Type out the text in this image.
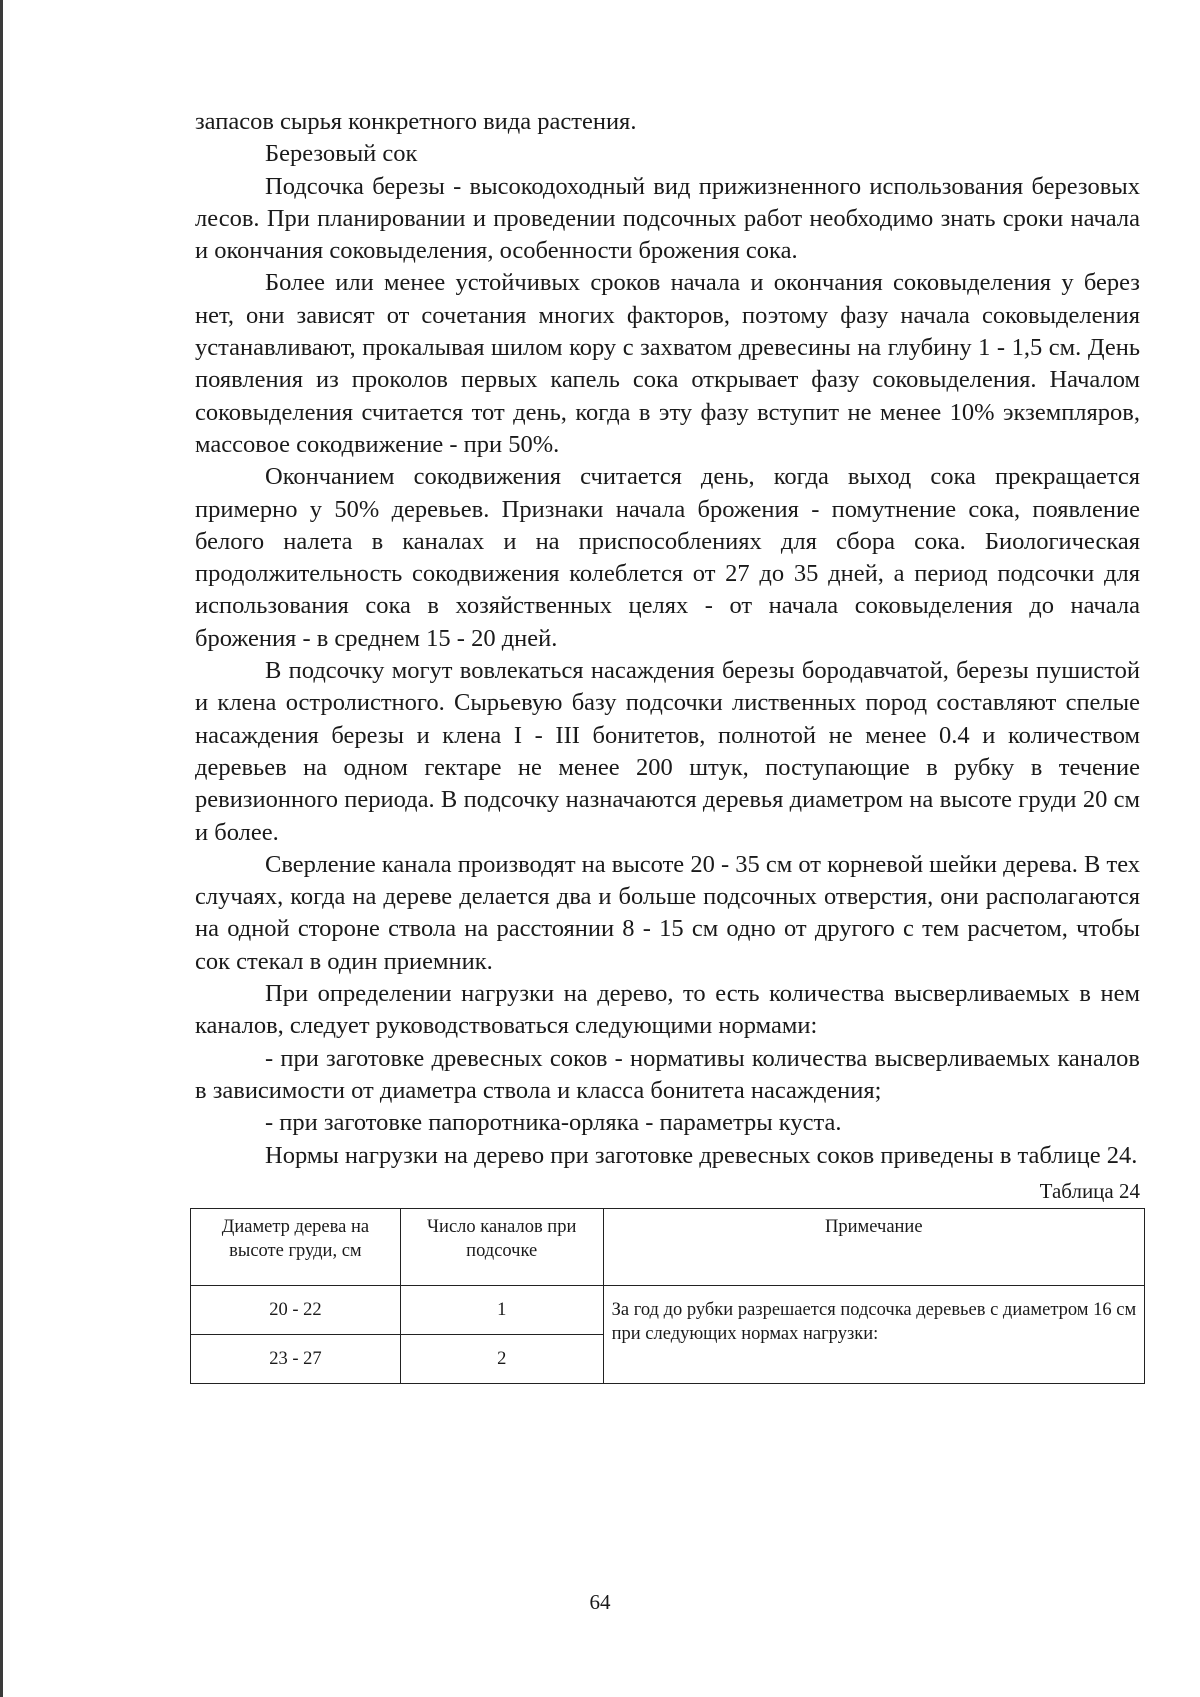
запасов сырья конкретного вида растения.

Березовый сок

Подсочка березы - высокодоходный вид прижизненного использования березовых лесов. При планировании и проведении подсочных работ необходимо знать сроки начала и окончания соковыделения, особенности брожения сока.

Более или менее устойчивых сроков начала и окончания соковыделения у берез нет, они зависят от сочетания многих факторов, поэтому фазу начала соковыделения устанавливают, прокалывая шилом кору с захватом древесины на глубину 1 - 1,5 см. День появления из проколов первых капель сока открывает фазу соковыделения. Началом соковыделения считается тот день, когда в эту фазу вступит не менее 10% экземпляров, массовое сокодвижение - при 50%.

Окончанием сокодвижения считается день, когда выход сока прекращается примерно у 50% деревьев. Признаки начала брожения - помутнение сока, появление белого налета в каналах и на приспособлениях для сбора сока. Биологическая продолжительность сокодвижения колеблется от 27 до 35 дней, а период подсочки для использования сока в хозяйственных целях - от начала соковыделения до начала брожения - в среднем 15 - 20 дней.

В подсочку могут вовлекаться насаждения березы бородавчатой, березы пушистой и клена остролистного. Сырьевую базу подсочки лиственных пород составляют спелые насаждения березы и клена I - III бонитетов, полнотой не менее 0.4 и количеством деревьев на одном гектаре не менее 200 штук, поступающие в рубку в течение ревизионного периода. В подсочку назначаются деревья диаметром на высоте груди 20 см и более.

Сверление канала производят на высоте 20 - 35 см от корневой шейки дерева. В тех случаях, когда на дереве делается два и больше подсочных отверстия, они располагаются на одной стороне ствола на расстоянии 8 - 15 см одно от другого с тем расчетом, чтобы сок стекал в один приемник.

При определении нагрузки на дерево, то есть количества высверливаемых в нем каналов, следует руководствоваться следующими нормами:

- при заготовке древесных соков - нормативы количества высверливаемых каналов в зависимости от диаметра ствола и класса бонитета насаждения;

- при заготовке папоротника-орляка - параметры куста.

Нормы нагрузки на дерево при заготовке древесных соков приведены в таблице 24.

Таблица 24
Диаметр дерева на высоте груди, см	Число каналов при подсочке	Примечание
20 - 22	1	За год до рубки разрешается подсочка деревьев с диаметром 16 см при следующих нормах нагрузки:
23 - 27	2	
64
